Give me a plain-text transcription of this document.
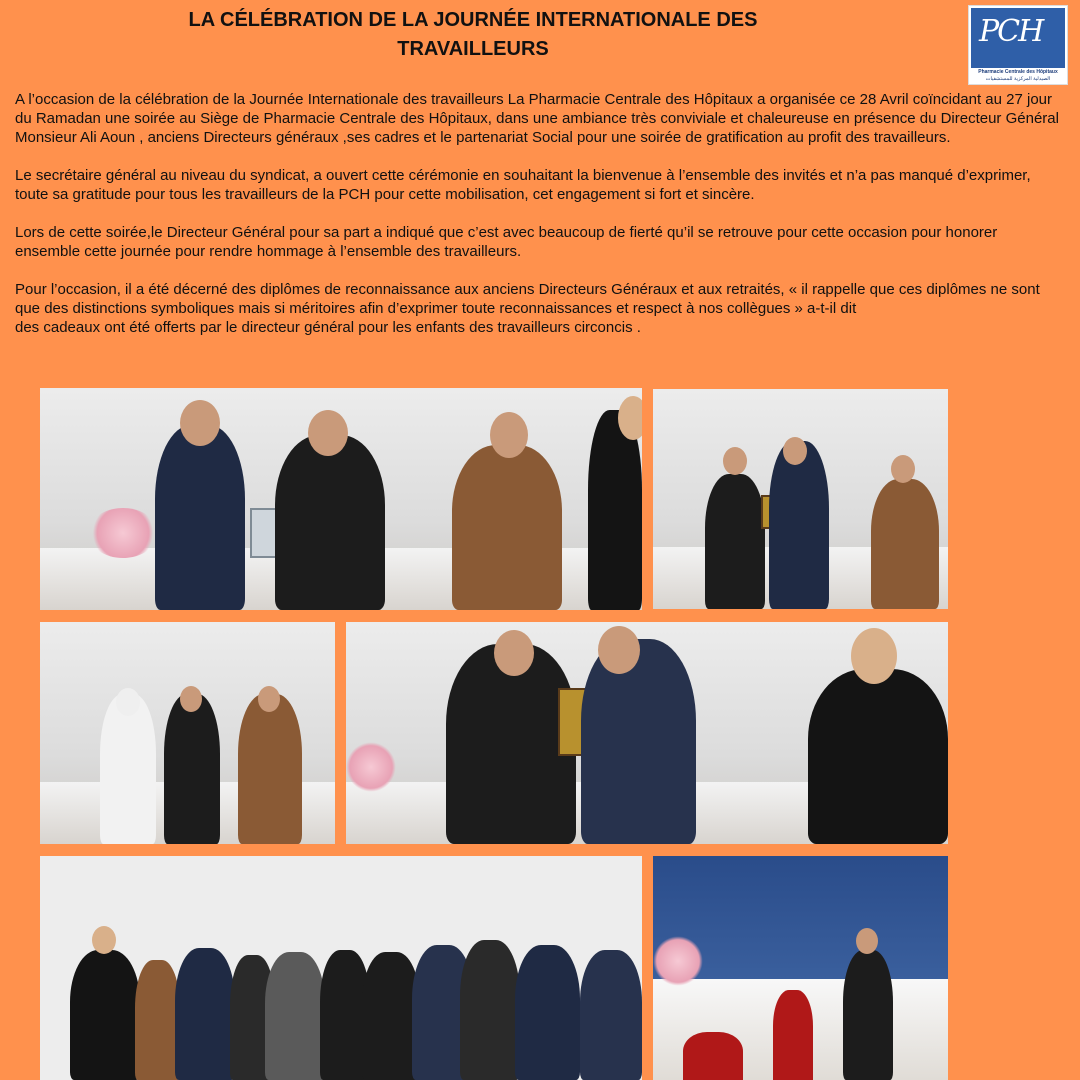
LA CÉLÉBRATION DE LA JOURNÉE INTERNATIONALE DES
TRAVAILLEURS	PCH
Pharmacie Centrale des Hôpitaux
الصيدلية المركزية للمستشفيات

A l’occasion de la célébration de la Journée Internationale des travailleurs La Pharmacie Centrale des Hôpitaux a organisée ce 28 Avril coïncidant au 27 jour du Ramadan une soirée au Siège de Pharmacie Centrale des Hôpitaux, dans une ambiance très conviviale et chaleureuse en présence du Directeur Général Monsieur Ali Aoun , anciens Directeurs généraux ,ses cadres et le partenariat Social pour une soirée de gratification au profit des travailleurs.

Le secrétaire général au niveau du syndicat, a ouvert cette cérémonie en souhaitant la bienvenue à l’ensemble des invités et n’a pas manqué d’exprimer, toute sa gratitude pour tous les travailleurs de la PCH pour cette mobilisation, cet engagement si fort et sincère.

Lors de cette soirée,le Directeur Général pour sa part a indiqué que c’est avec beaucoup de fierté qu’il se retrouve pour cette occasion pour honorer ensemble cette journée pour rendre hommage à l’ensemble des travailleurs.

Pour l’occasion, il a été décerné des diplômes de reconnaissance aux anciens Directeurs Généraux et aux retraités, « il rappelle que ces diplômes ne sont que des distinctions symboliques mais si méritoires afin d’exprimer toute reconnaissances et respect à nos collègues » a-t-il dit
des cadeaux ont été offerts par le directeur général pour les enfants des travailleurs circoncis .
